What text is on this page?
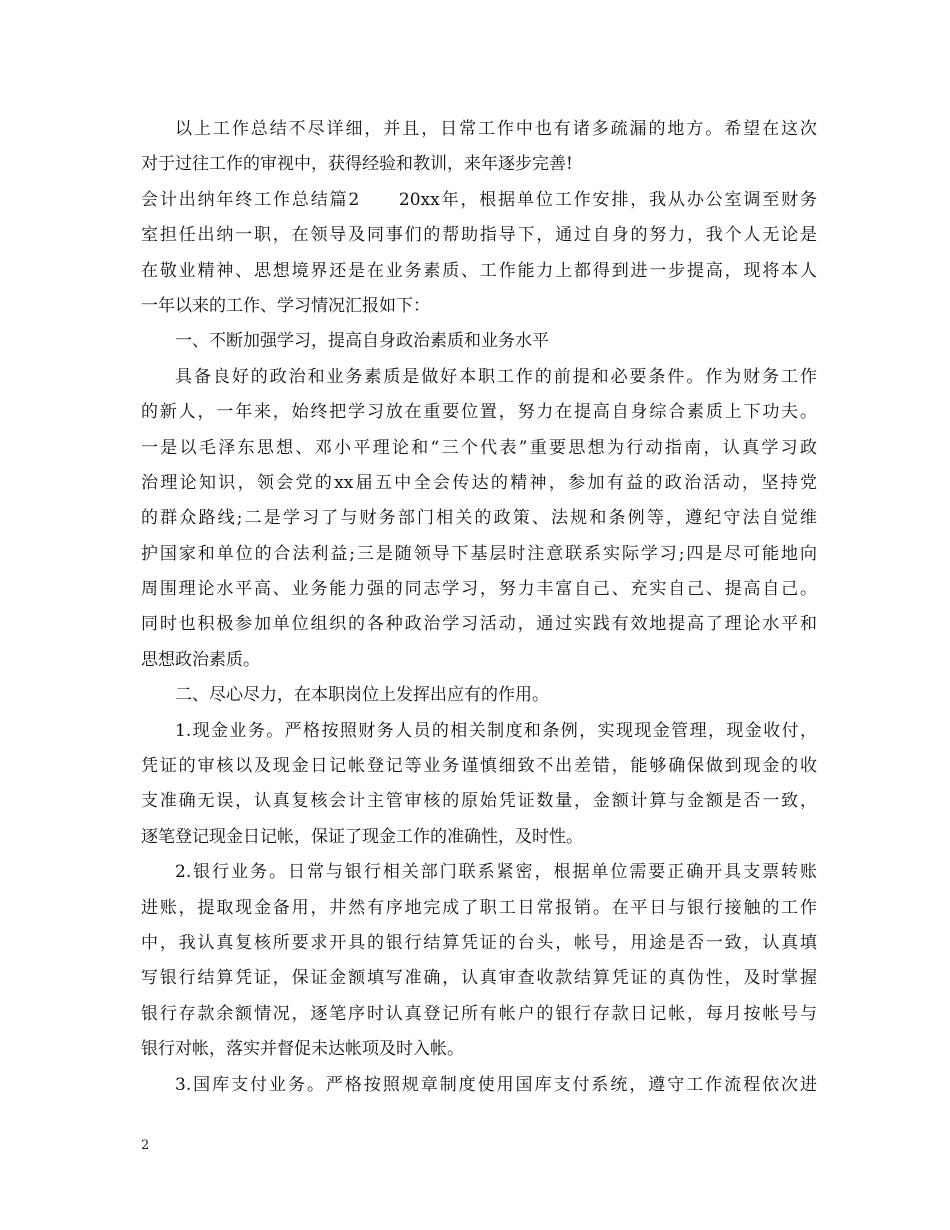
以上工作总结不尽详细，并且，日常工作中也有诸多疏漏的地方。希望在这次
对于过往工作的审视中，获得经验和教训，来年逐步完善!
会计出纳年终工作总结篇2　　20xx年，根据单位工作安排，我从办公室调至财务
室担任出纳一职，在领导及同事们的帮助指导下，通过自身的努力，我个人无论是
在敬业精神、思想境界还是在业务素质、工作能力上都得到进一步提高，现将本人
一年以来的工作、学习情况汇报如下：
一、不断加强学习，提高自身政治素质和业务水平
具备良好的政治和业务素质是做好本职工作的前提和必要条件。作为财务工作
的新人，一年来，始终把学习放在重要位置，努力在提高自身综合素质上下功夫。
一是以毛泽东思想、邓小平理论和“三个代表”重要思想为行动指南，认真学习政
治理论知识，领会党的xx届五中全会传达的精神，参加有益的政治活动，坚持党
的群众路线;二是学习了与财务部门相关的政策、法规和条例等，遵纪守法自觉维
护国家和单位的合法利益;三是随领导下基层时注意联系实际学习;四是尽可能地向
周围理论水平高、业务能力强的同志学习，努力丰富自己、充实自己、提高自己。
同时也积极参加单位组织的各种政治学习活动，通过实践有效地提高了理论水平和
思想政治素质。
二、尽心尽力，在本职岗位上发挥出应有的作用。
1.现金业务。严格按照财务人员的相关制度和条例，实现现金管理，现金收付，
凭证的审核以及现金日记帐登记等业务谨慎细致不出差错，能够确保做到现金的收
支准确无误，认真复核会计主管审核的原始凭证数量，金额计算与金额是否一致，
逐笔登记现金日记帐，保证了现金工作的准确性，及时性。
2.银行业务。日常与银行相关部门联系紧密，根据单位需要正确开具支票转账
进账，提取现金备用，井然有序地完成了职工日常报销。在平日与银行接触的工作
中，我认真复核所要求开具的银行结算凭证的台头，帐号，用途是否一致，认真填
写银行结算凭证，保证金额填写准确，认真审查收款结算凭证的真伪性，及时掌握
银行存款余额情况，逐笔序时认真登记所有帐户的银行存款日记帐，每月按帐号与
银行对帐，落实并督促未达帐项及时入帐。
3.国库支付业务。严格按照规章制度使用国库支付系统，遵守工作流程依次进
2
